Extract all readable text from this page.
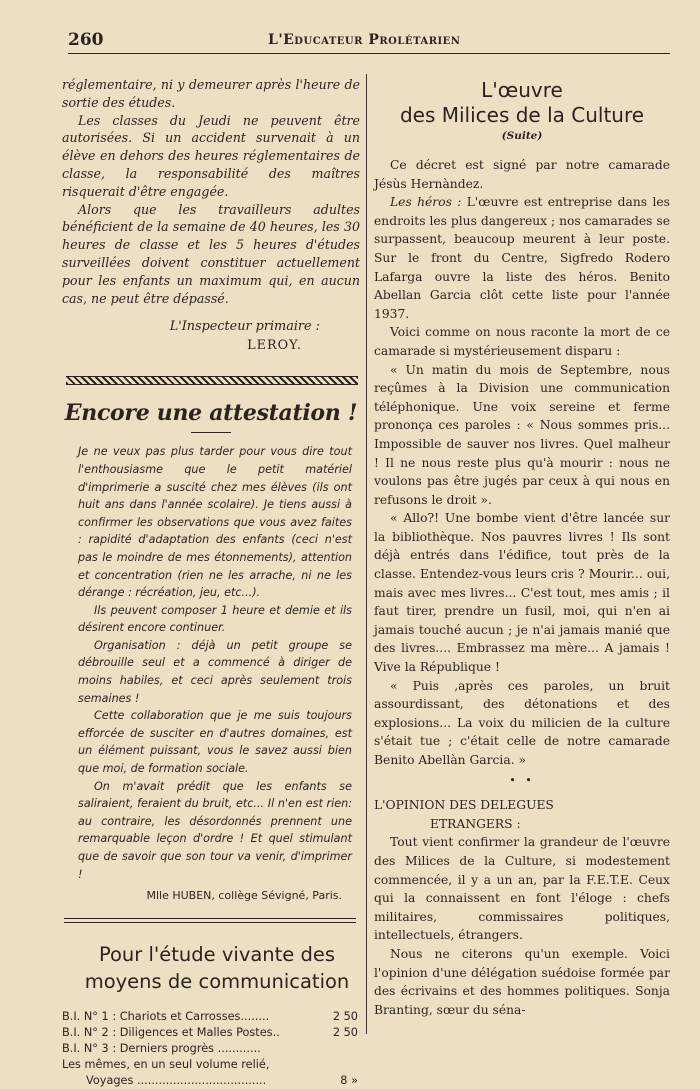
260	L'Educateur Prolétarien

réglementaire, ni y demeurer après l'heure de sortie des études.

Les classes du Jeudi ne peuvent être autorisées. Si un accident survenait à un élève en dehors des heures réglementaires de classe, la responsabilité des maîtres risquerait d'être engagée.

Alors que les travailleurs adultes bénéficient de la semaine de 40 heures, les 30 heures de classe et les 5 heures d'études surveillées doivent constituer actuellement pour les enfants un maximum qui, en aucun cas, ne peut être dépassé.

L'Inspecteur primaire :
LEROY.
Encore une attestation !

Je ne veux pas plus tarder pour vous dire tout l'enthousiasme que le petit matériel d'imprimerie a suscité chez mes élèves (ils ont huit ans dans l'année scolaire). Je tiens aussi à confirmer les observations que vous avez faites : rapidité d'adaptation des enfants (ceci n'est pas le moindre de mes étonnements), attention et concentration (rien ne les arrache, ni ne les dérange : récréation, jeu, etc...).

Ils peuvent composer 1 heure et demie et ils désirent encore continuer.

Organisation : déjà un petit groupe se débrouille seul et a commencé à diriger de moins habiles, et ceci après seulement trois semaines !

Cette collaboration que je me suis toujours efforcée de susciter en d'autres domaines, est un élément puissant, vous le savez aussi bien que moi, de formation sociale.

On m'avait prédit que les enfants se saliraient, feraient du bruit, etc... Il n'en est rien: au contraire, les désordonnés prennent une remarquable leçon d'ordre ! Et quel stimulant que de savoir que son tour va venir, d'imprimer !

Mlle HUBEN, collège Sévigné, Paris.
Pour l'étude vivante des
moyens de communication
B.I. N° 1 : Chariots et Carrosses........	2 50
B.I. N° 2 : Diligences et Malles Postes..	2 50
B.I. N° 3 : Derniers progrès ............
Les mêmes, en un seul volume relié,
Voyages ....................................	8 »
L'œuvre
des Milices de la Culture
(Suite)

Ce décret est signé par notre camarade Jésùs Hernàndez.

Les héros : L'œuvre est entreprise dans les endroits les plus dangereux ; nos camarades se surpassent, beaucoup meurent à leur poste. Sur le front du Centre, Sigfredo Rodero Lafarga ouvre la liste des héros. Benito Abellan Garcia clôt cette liste pour l'année 1937.

Voici comme on nous raconte la mort de ce camarade si mystérieusement disparu :

« Un matin du mois de Septembre, nous reçûmes à la Division une communication téléphonique. Une voix sereine et ferme prononça ces paroles : « Nous sommes pris... Impossible de sauver nos livres. Quel malheur ! Il ne nous reste plus qu'à mourir : nous ne voulons pas être jugés par ceux à qui nous en refusons le droit ».

« Allo?! Une bombe vient d'être lancée sur la bibliothèque. Nos pauvres livres ! Ils sont déjà entrés dans l'édifice, tout près de la classe. Entendez-vous leurs cris ? Mourir... oui, mais avec mes livres... C'est tout, mes amis ; il faut tirer, prendre un fusil, moi, qui n'en ai jamais touché aucun ; je n'ai jamais manié que des livres.... Embrassez ma mère... A jamais ! Vive la République !

« Puis ,après ces paroles, un bruit assourdissant, des détonations et des explosions... La voix du milicien de la culture s'était tue ; c'était celle de notre camarade Benito Abellàn Garcia. »

• •
L'OPINION DES DELEGUES
ETRANGERS :

Tout vient confirmer la grandeur de l'œuvre des Milices de la Culture, si modestement commencée, il y a un an, par la F.E.T.E. Ceux qui la connaissent en font l'éloge : chefs militaires, commissaires politiques, intellectuels, étrangers.

Nous ne citerons qu'un exemple. Voici l'opinion d'une délégation suédoise formée par des écrivains et des hommes politiques. Sonja Branting, sœur du séna-
